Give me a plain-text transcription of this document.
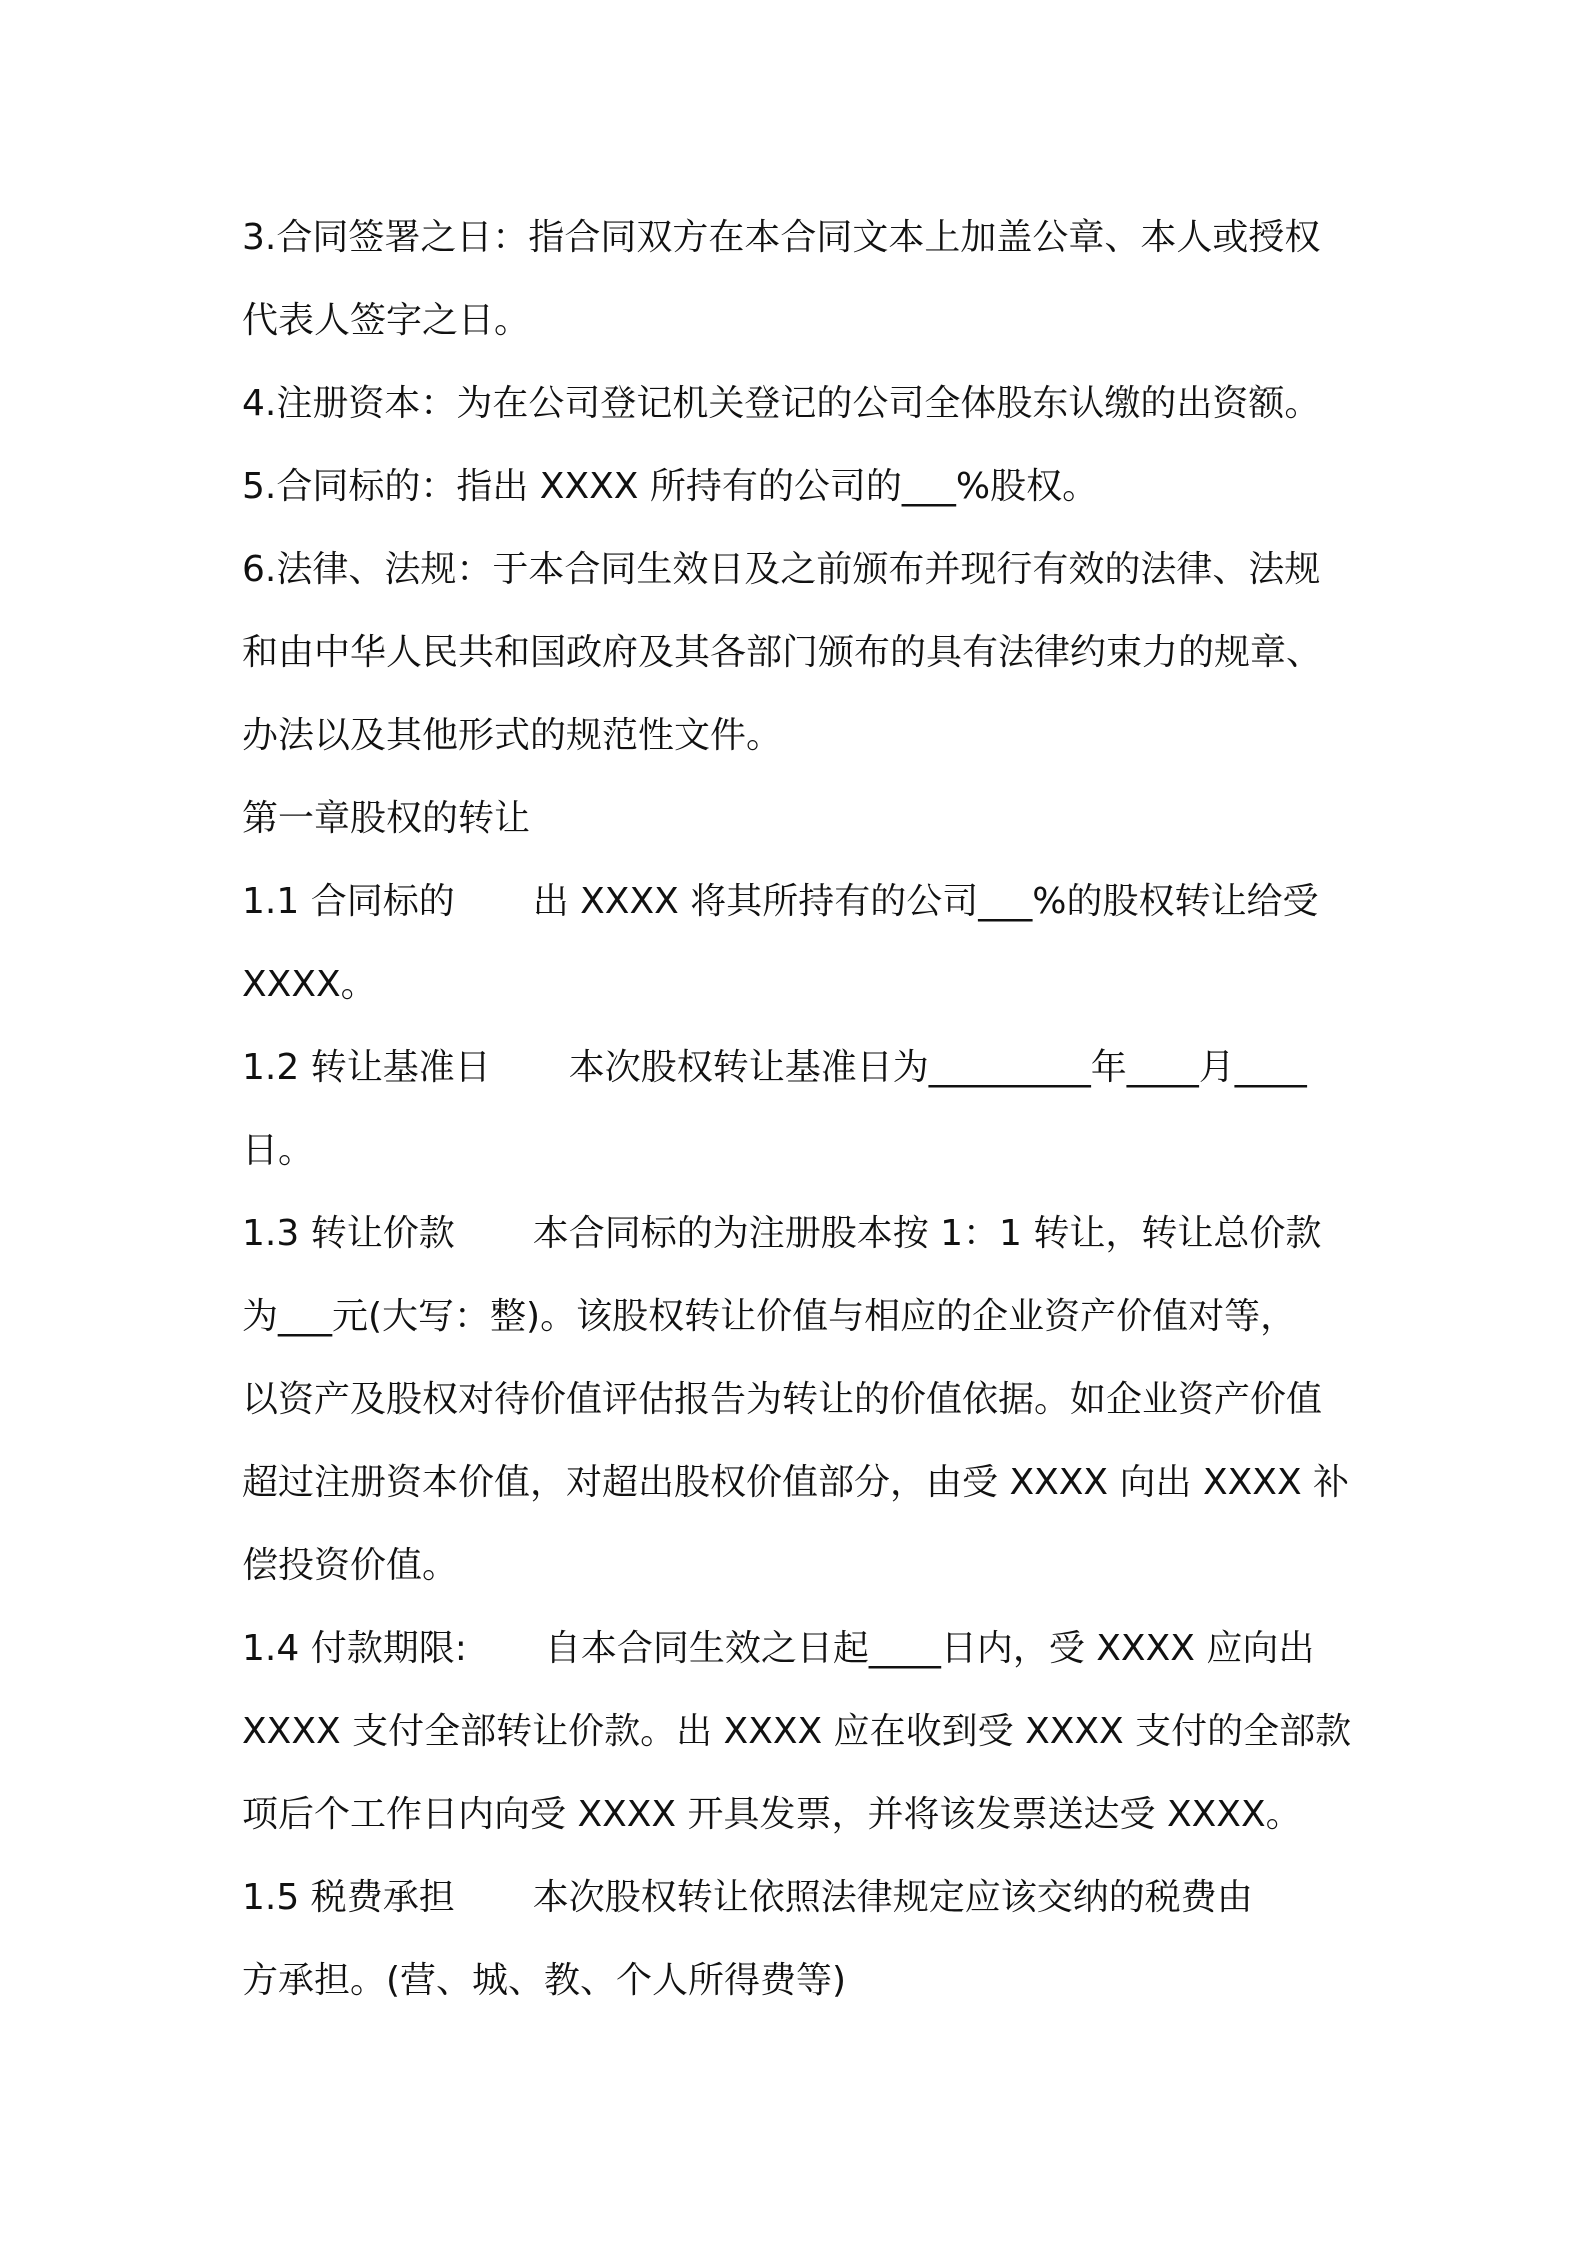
3.合同签署之日：指合同双方在本合同文本上加盖公章、本人或授权
代表人签字之日。
4.注册资本：为在公司登记机关登记的公司全体股东认缴的出资额。
5.合同标的：指出 XXXX 所持有的公司的___%股权。
6.法律、法规：于本合同生效日及之前颁布并现行有效的法律、法规
和由中华人民共和国政府及其各部门颁布的具有法律约束力的规章、
办法以及其他形式的规范性文件。
第一章股权的转让
1.1 合同标的 出 XXXX 将其所持有的公司___%的股权转让给受
XXXX。
1.2 转让基准日 本次股权转让基准日为_________年____月____
日。
1.3 转让价款 本合同标的为注册股本按 1：1 转让，转让总价款
为___元(大写：整)。该股权转让价值与相应的企业资产价值对等，
以资产及股权对待价值评估报告为转让的价值依据。如企业资产价值
超过注册资本价值，对超出股权价值部分，由受 XXXX 向出 XXXX 补
偿投资价值。
1.4 付款期限: 自本合同生效之日起____日内，受 XXXX 应向出
XXXX 支付全部转让价款。出 XXXX 应在收到受 XXXX 支付的全部款
项后个工作日内向受 XXXX 开具发票，并将该发票送达受 XXXX。
1.5 税费承担 本次股权转让依照法律规定应该交纳的税费由
方承担。(营、城、教、个人所得费等)
